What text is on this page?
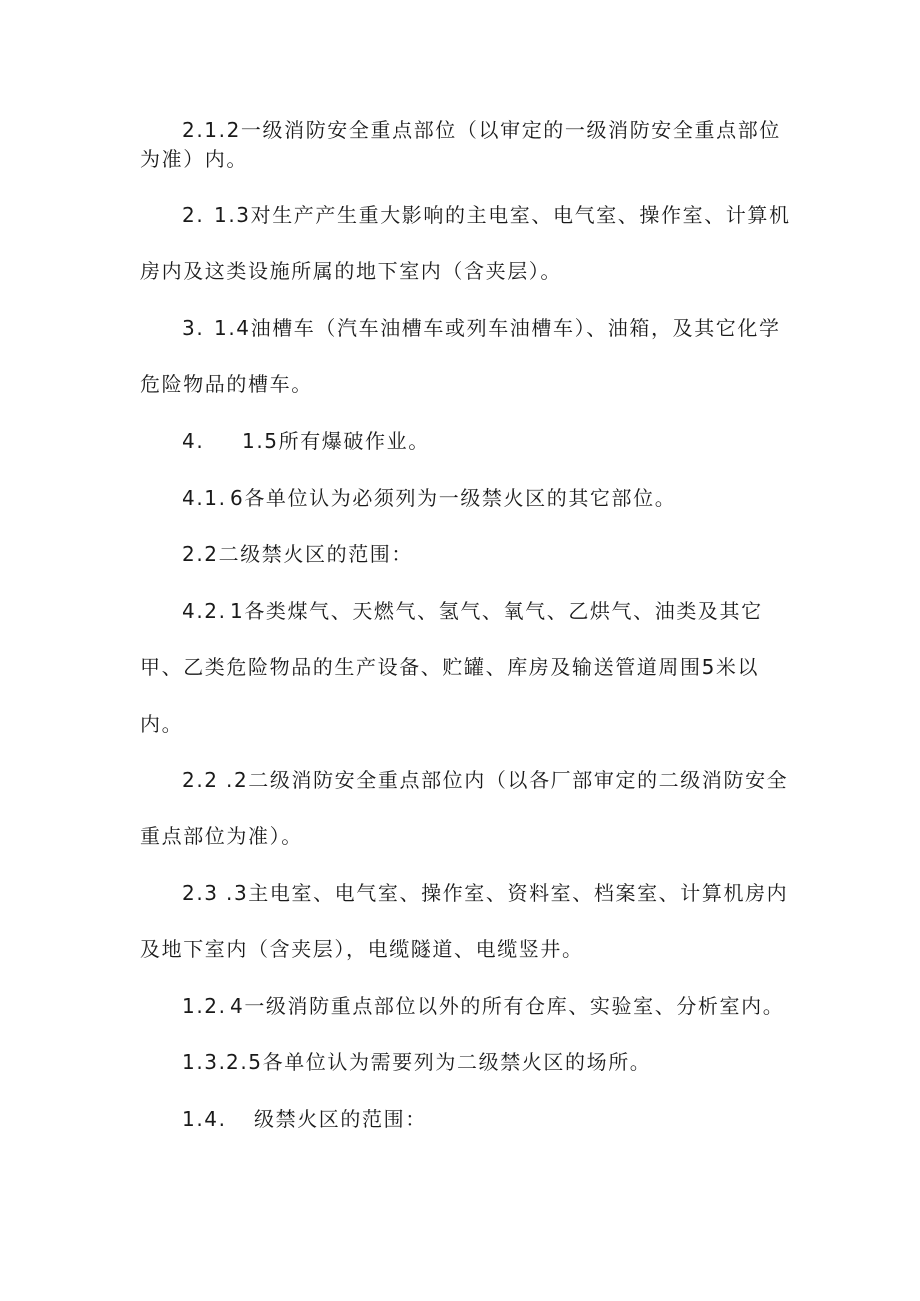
2.1.2一级消防安全重点部位（以审定的一级消防安全重点部位
为准）内。
2. 1.3对生产产生重大影响的主电室、电气室、操作室、计算机
房内及这类设施所属的地下室内（含夹层）。
3. 1.4油槽车（汽车油槽车或列车油槽车）、油箱，及其它化学
危险物品的槽车。
4. 1.5所有爆破作业。
4.1. 6各单位认为必须列为一级禁火区的其它部位。
2.2二级禁火区的范围：
4.2. 1各类煤气、天燃气、氢气、氧气、乙烘气、油类及其它
甲、乙类危险物品的生产设备、贮罐、库房及输送管道周围5米以
内。
2.2 .2二级消防安全重点部位内（以各厂部审定的二级消防安全
重点部位为准）。
2.3 .3主电室、电气室、操作室、资料室、档案室、计算机房内
及地下室内（含夹层），电缆隧道、电缆竖井。
1.2. 4一级消防重点部位以外的所有仓库、实验室、分析室内。
1.3.2.5各单位认为需要列为二级禁火区的场所。
1.4. 级禁火区的范围：
